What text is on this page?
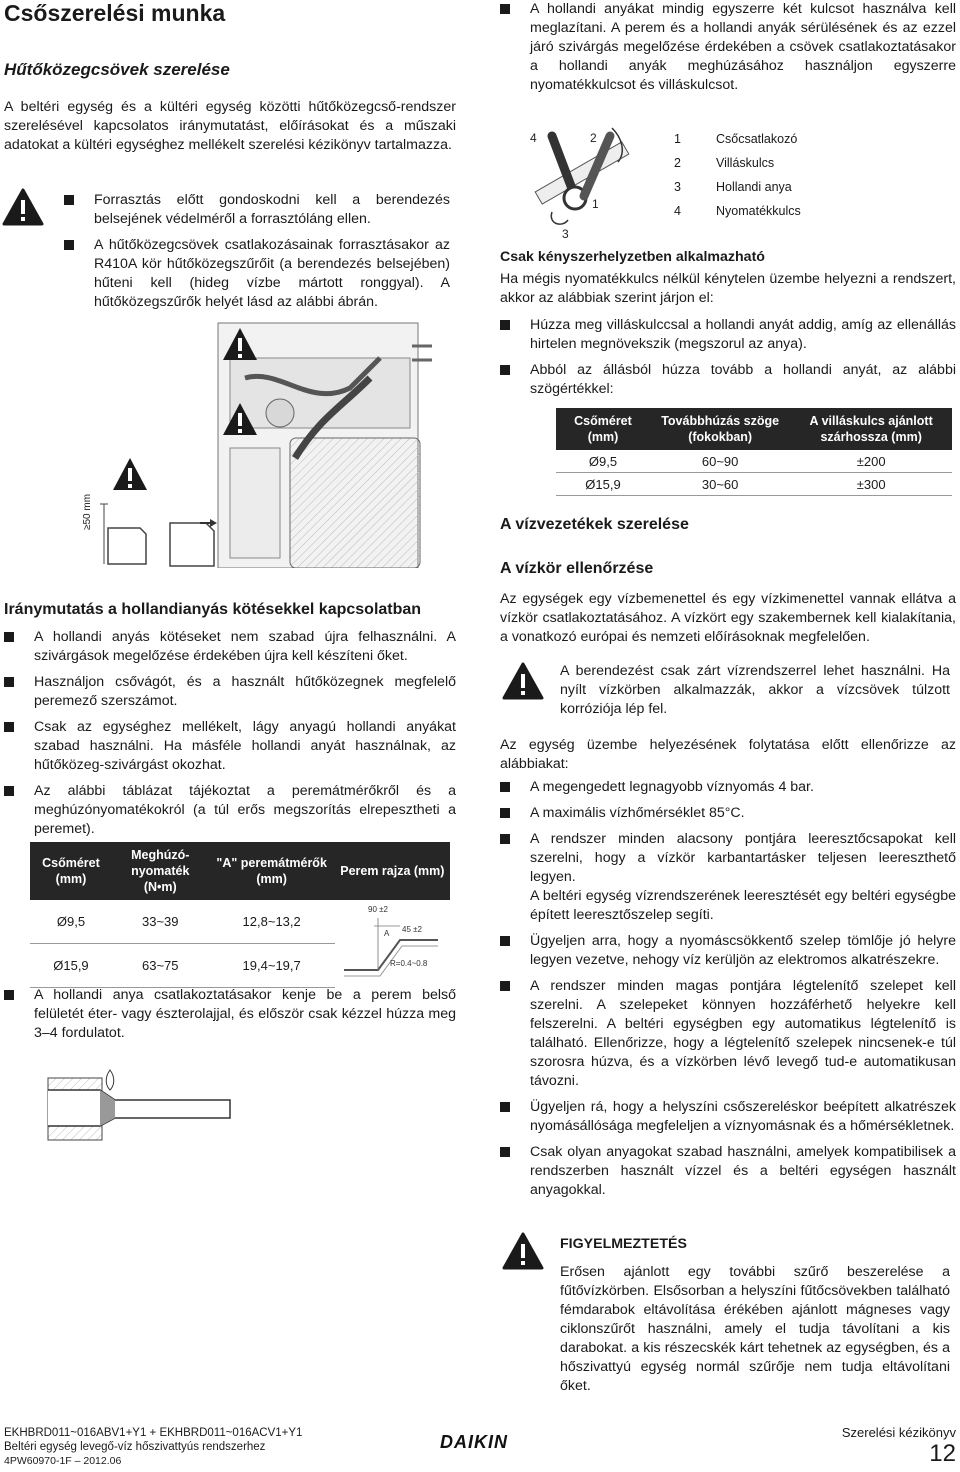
Csőszerelési munka
Hűtőközegcsövek szerelése

A beltéri egység és a kültéri egység közötti hűtőközegcső-rendszer szerelésével kapcsolatos iránymutatást, előírásokat és a műszaki adatokat a kültéri egységhez mellékelt szerelési kézikönyv tartalmazza.

Forrasztás előtt gondoskodni kell a berendezés belsejének védelméről a forrasztóláng ellen.
A hűtőközegcsövek csatlakozásainak forrasztásakor az R410A kör hűtőközegszűrőit (a berendezés belsejében) hűteni kell (hideg vízbe mártott ronggyal). A hűtőközegszűrők helyét lásd az alábbi ábrán.
≥50 mm
Iránymutatás a hollandianyás kötésekkel kapcsolatban
A hollandi anyás kötéseket nem szabad újra felhasználni. A szivárgások megelőzése érdekében újra kell készíteni őket.
Használjon csővágót, és a használt hűtőközegnek megfelelő peremező szerszámot.
Csak az egységhez mellékelt, lágy anyagú hollandi anyákat szabad használni. Ha másféle hollandi anyát használnak, az hűtőközeg-szivárgást okozhat.
Az alábbi táblázat tájékoztat a peremátmérőkről és a meghúzónyomatékokról (a túl erős megszorítás elrepesztheti a peremet).
Csőméret (mm)	Meghúzó-nyomaték (N•m)	"A" peremátmérők (mm)	Perem rajza (mm)
Ø9,5	33~39	12,8~13,2	90 ±2
45 ±2
A
R=0.4~0.8

Ø15,9	63~75	19,4~19,7	
A hollandi anya csatlakoztatásakor kenje be a perem belső felületét éter- vagy észterolajjal, és először csak kézzel húzza meg 3–4 fordulatot.
A hollandi anyákat mindig egyszerre két kulcsot használva kell meglazítani. A perem és a hollandi anyák sérülésének és az ezzel járó szivárgás megelőzése érdekében a csövek csatlakoztatásakor a hollandi anyák meghúzásához használjon egyszerre nyomatékkulcsot és villáskulcsot.
4	2
1
3
1	Csőcsatlakozó
2	Villáskulcs
3	Hollandi anya
4	Nyomatékkulcs
Csak kényszerhelyzetben alkalmazható

Ha mégis nyomatékkulcs nélkül kénytelen üzembe helyezni a rendszert, akkor az alábbiak szerint járjon el:

Húzza meg villáskulccsal a hollandi anyát addig, amíg az ellenállás hirtelen megnövekszik (megszorul az anya).
Abból az állásból húzza tovább a hollandi anyát, az alábbi szögértékkel:
Csőméret (mm)	Továbbhúzás szöge (fokokban)	A villáskulcs ajánlott szárhossza (mm)
Ø9,5	60~90	±200
Ø15,9	30~60	±300
A vízvezetékek szerelése
A vízkör ellenőrzése

Az egységek egy vízbemenettel és egy vízkimenettel vannak ellátva a vízkör csatlakoztatásához. A vízkört egy szakembernek kell kialakítania, a vonatkozó európai és nemzeti előírásoknak megfelelően.

A berendezést csak zárt vízrendszerrel lehet használni. Ha nyílt vízkörben alkalmazzák, akkor a vízcsövek túlzott korróziója lép fel.

Az egység üzembe helyezésének folytatása előtt ellenőrizze az alábbiakat:

A megengedett legnagyobb víznyomás 4 bar.
A maximális vízhőmérséklet 85°C.
A rendszer minden alacsony pontjára leeresztőcsapokat kell szerelni, hogy a vízkör karbantartásker teljesen leereszthető legyen.
A beltéri egység vízrendszerének leeresztését egy beltéri egységbe épített leeresztőszelep segíti.
Ügyeljen arra, hogy a nyomáscsökkentő szelep tömlője jó helyre legyen vezetve, nehogy víz kerüljön az elektromos alkatrészekre.
A rendszer minden magas pontjára légtelenítő szelepet kell szerelni. A szelepeket könnyen hozzáférhető helyekre kell felszerelni. A beltéri egységben egy automatikus légtelenítő is található. Ellenőrizze, hogy a légtelenítő szelepek nincsenek-e túl szorosra húzva, és a vízkörben lévő levegő tud-e automatikusan távozni.
Ügyeljen rá, hogy a helyszíni csőszereléskor beépített alkatrészek nyomásállósága megfeleljen a víznyomásnak és a hőmérsékletnek.
Csak olyan anyagokat szabad használni, amelyek kompatibilisek a rendszerben használt vízzel és a beltéri egységen használt anyagokkal.
FIGYELMEZTETÉS

Erősen ajánlott egy további szűrő beszerelése a fűtővízkörben. Elsősorban a helyszíni fűtőcsövekben található fémdarabok eltávolítása érékében ajánlott mágneses vagy ciklonszűrőt használni, amely el tudja távolítani a kis darabokat. a kis részecskék kárt tehetnek az egységben, és a hőszivattyú egység normál szűrője nem tudja eltávolítani őket.

EKHBRD011~016ABV1+Y1 + EKHBRD011~016ACV1+Y1
Beltéri egység levegő-víz hőszivattyús rendszerhez
4PW60970-1F – 2012.06
DAIKIN	Szerelési kézikönyv
12
